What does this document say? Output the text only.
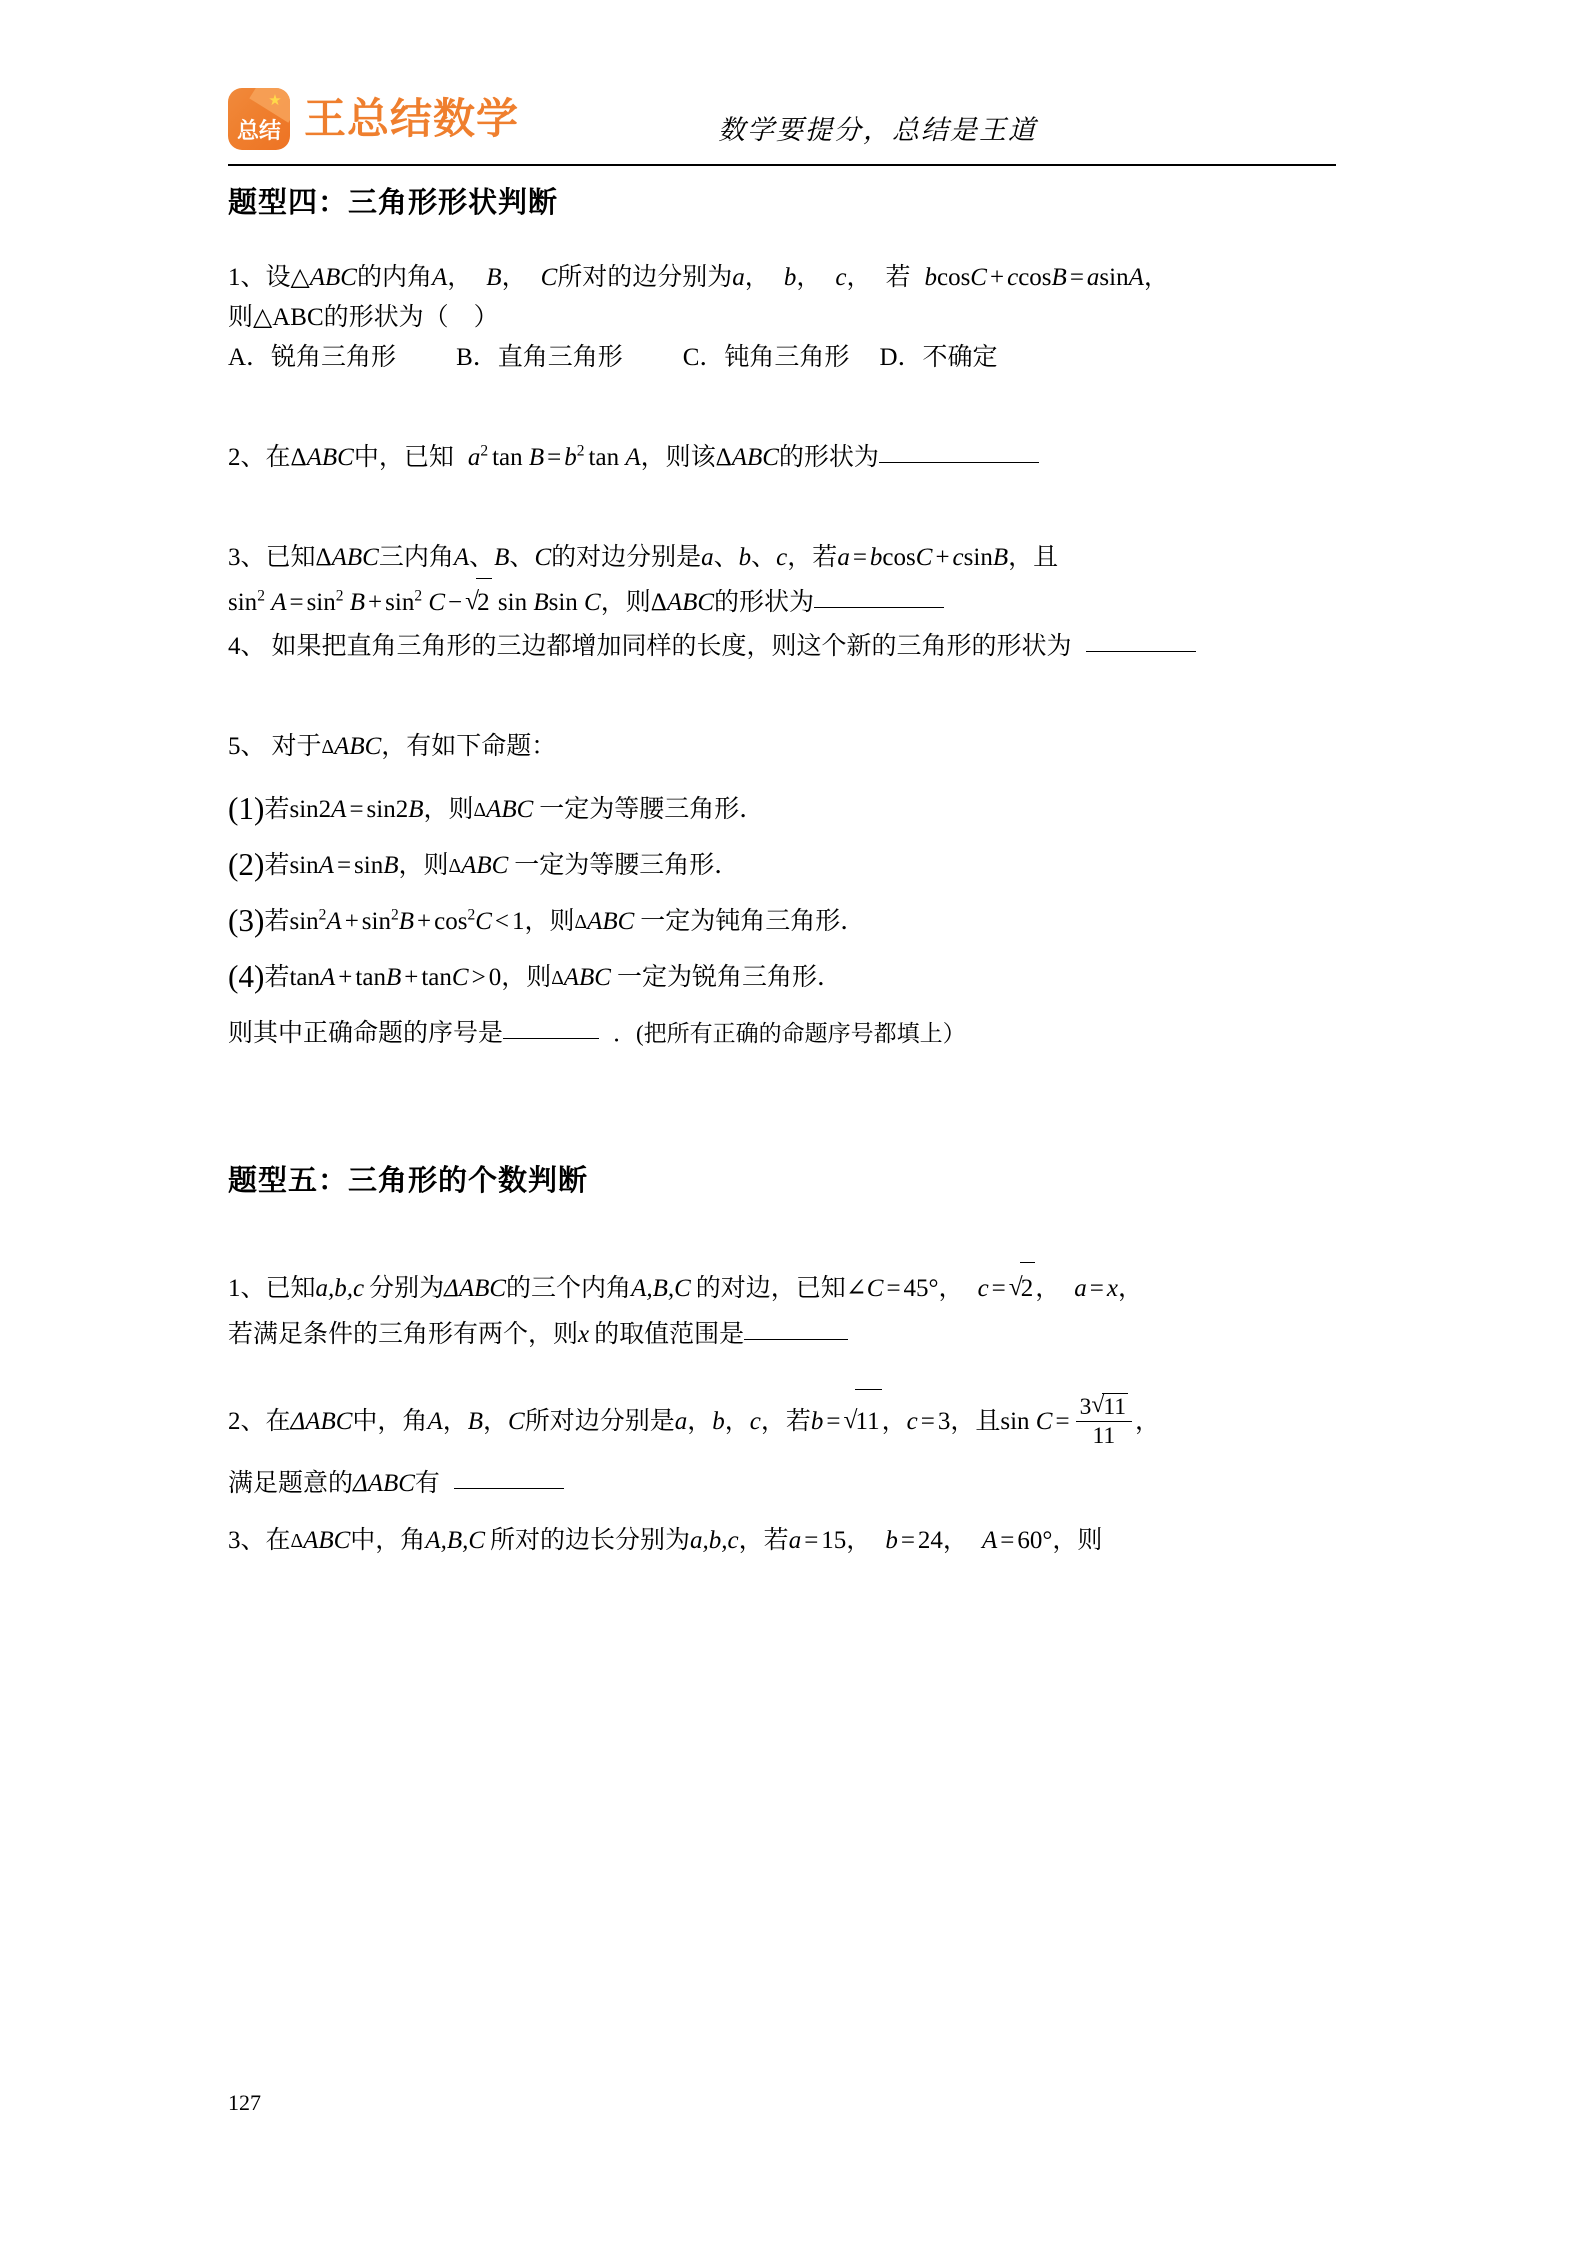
★
总结 王总结数学	数学要提分，总结是王道
题型四：三角形形状判断
1、设△ABC的内角A， B， C所对的边分别为a， b， c， 若 bcosC + ccosB = asinA，
则△ABC的形状为（　）
A．锐角三角形 B．直角三角形 C．钝角三角形 D．不确定
2、在ΔABC中，已知 $a^2$ $\tan B = b^2$ tan A，则该ΔABC的形状为
3、已知ΔABC三内角A、B、C的对边分别是a、b、c，若a = bcosC + csinB，且
$\sin^2 A = \sin^2 B + \sin^2 C$ − √ 2 sin Bsin C，则ΔABC的形状为
4、 如果把直角三角形的三边都增加同样的长度，则这个新的三角形的形状为
5、 对于ΔABC，有如下命题：
(1)若sin2A = sin2B，则ΔABC 一定为等腰三角形．
(2)若sinA = sinB，则ΔABC 一定为等腰三角形．
(3)若$\sin^2A + \sin^2B + \cos^2C < 1$，则ΔABC 一定为钝角三角形．
(4)若tanA + tanB + tanC > 0，则ΔABC 一定为锐角三角形．
则其中正确命题的序号是	．(把所有正确的命题序号都填上）
题型五：三角形的个数判断
1、已知a,b,c 分别为ΔABC的三个内角A,B,C 的对边，已知∠C = 45°， c = √ 2， a = x，
若满足条件的三角形有两个，则x 的取值范围是
2、在ΔABC中，角A，B，C所对边分别是a，b，c，若b = √ 11，c = 3，且$\sin C = \frac{3 √ 11}{11}$ ，
满足题意的ΔABC有
3、在ΔABC中，角A,B,C 所对的边长分别为a,b,c，若a = 15， b = 24， A = 60°，则
127
